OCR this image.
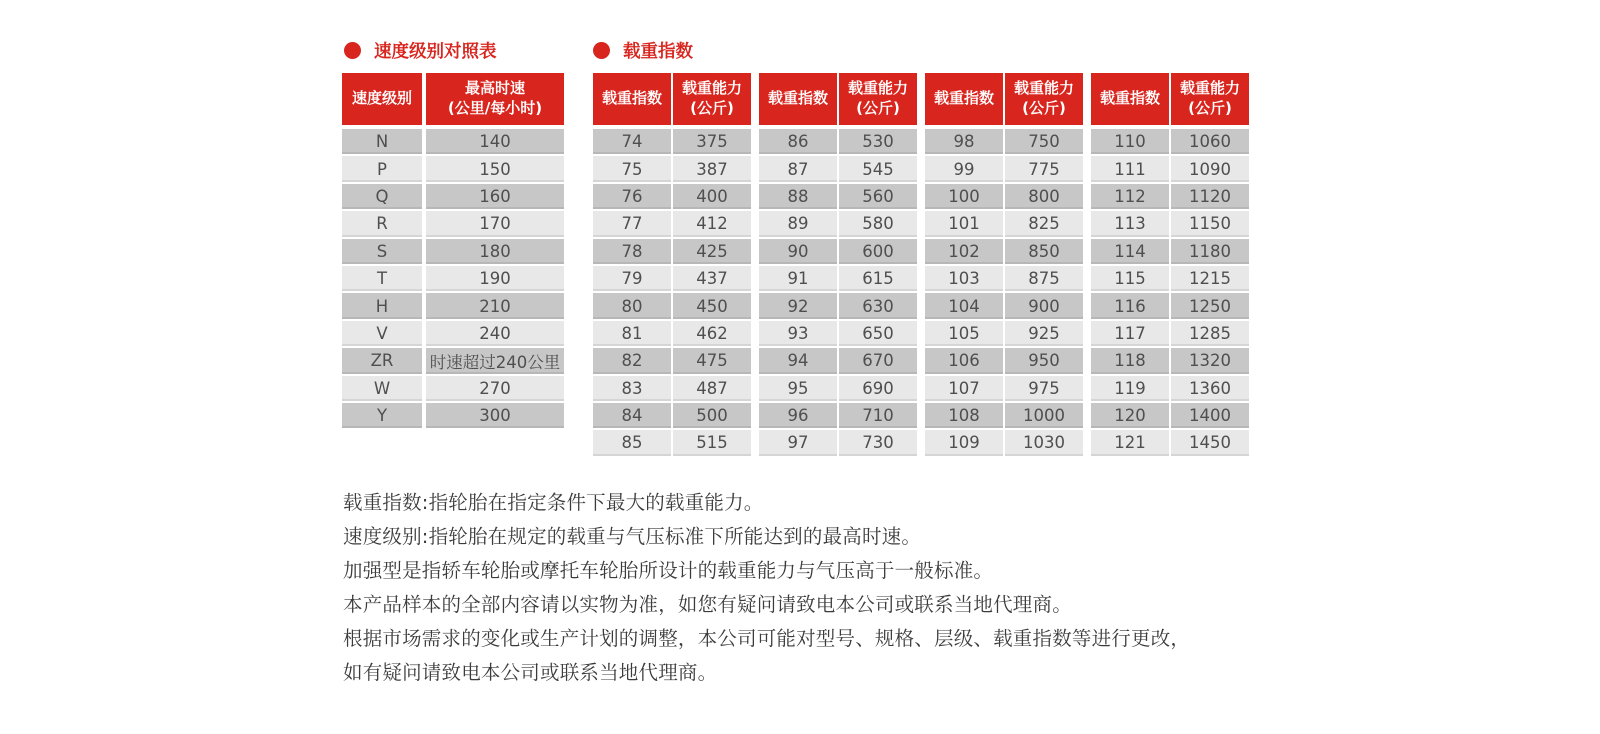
速度级别对照表
速度级别
最高时速
(公里/每小时)
N	140
P	150
Q	160
R	170
S	180
T	190
H	210
V	240
ZR	时速超过240公里
W	270
Y	300
载重指数
载重指数
载重能力
(公斤)
74	375
75	387
76	400
77	412
78	425
79	437
80	450
81	462
82	475
83	487
84	500
85	515
载重指数
载重能力
(公斤)
86	530
87	545
88	560
89	580
90	600
91	615
92	630
93	650
94	670
95	690
96	710
97	730
载重指数
载重能力
(公斤)
98	750
99	775
100	800
101	825
102	850
103	875
104	900
105	925
106	950
107	975
108	1000
109	1030
载重指数
载重能力
(公斤)
110	1060
111	1090
112	1120
113	1150
114	1180
115	1215
116	1250
117	1285
118	1320
119	1360
120	1400
121	1450
载重指数:指轮胎在指定条件下最大的载重能力。
速度级别:指轮胎在规定的载重与气压标准下所能达到的最高时速。
加强型是指轿车轮胎或摩托车轮胎所设计的载重能力与气压高于一般标准。
本产品样本的全部内容请以实物为准，如您有疑问请致电本公司或联系当地代理商。
根据市场需求的变化或生产计划的调整，本公司可能对型号、规格、层级、载重指数等进行更改，
如有疑问请致电本公司或联系当地代理商。
